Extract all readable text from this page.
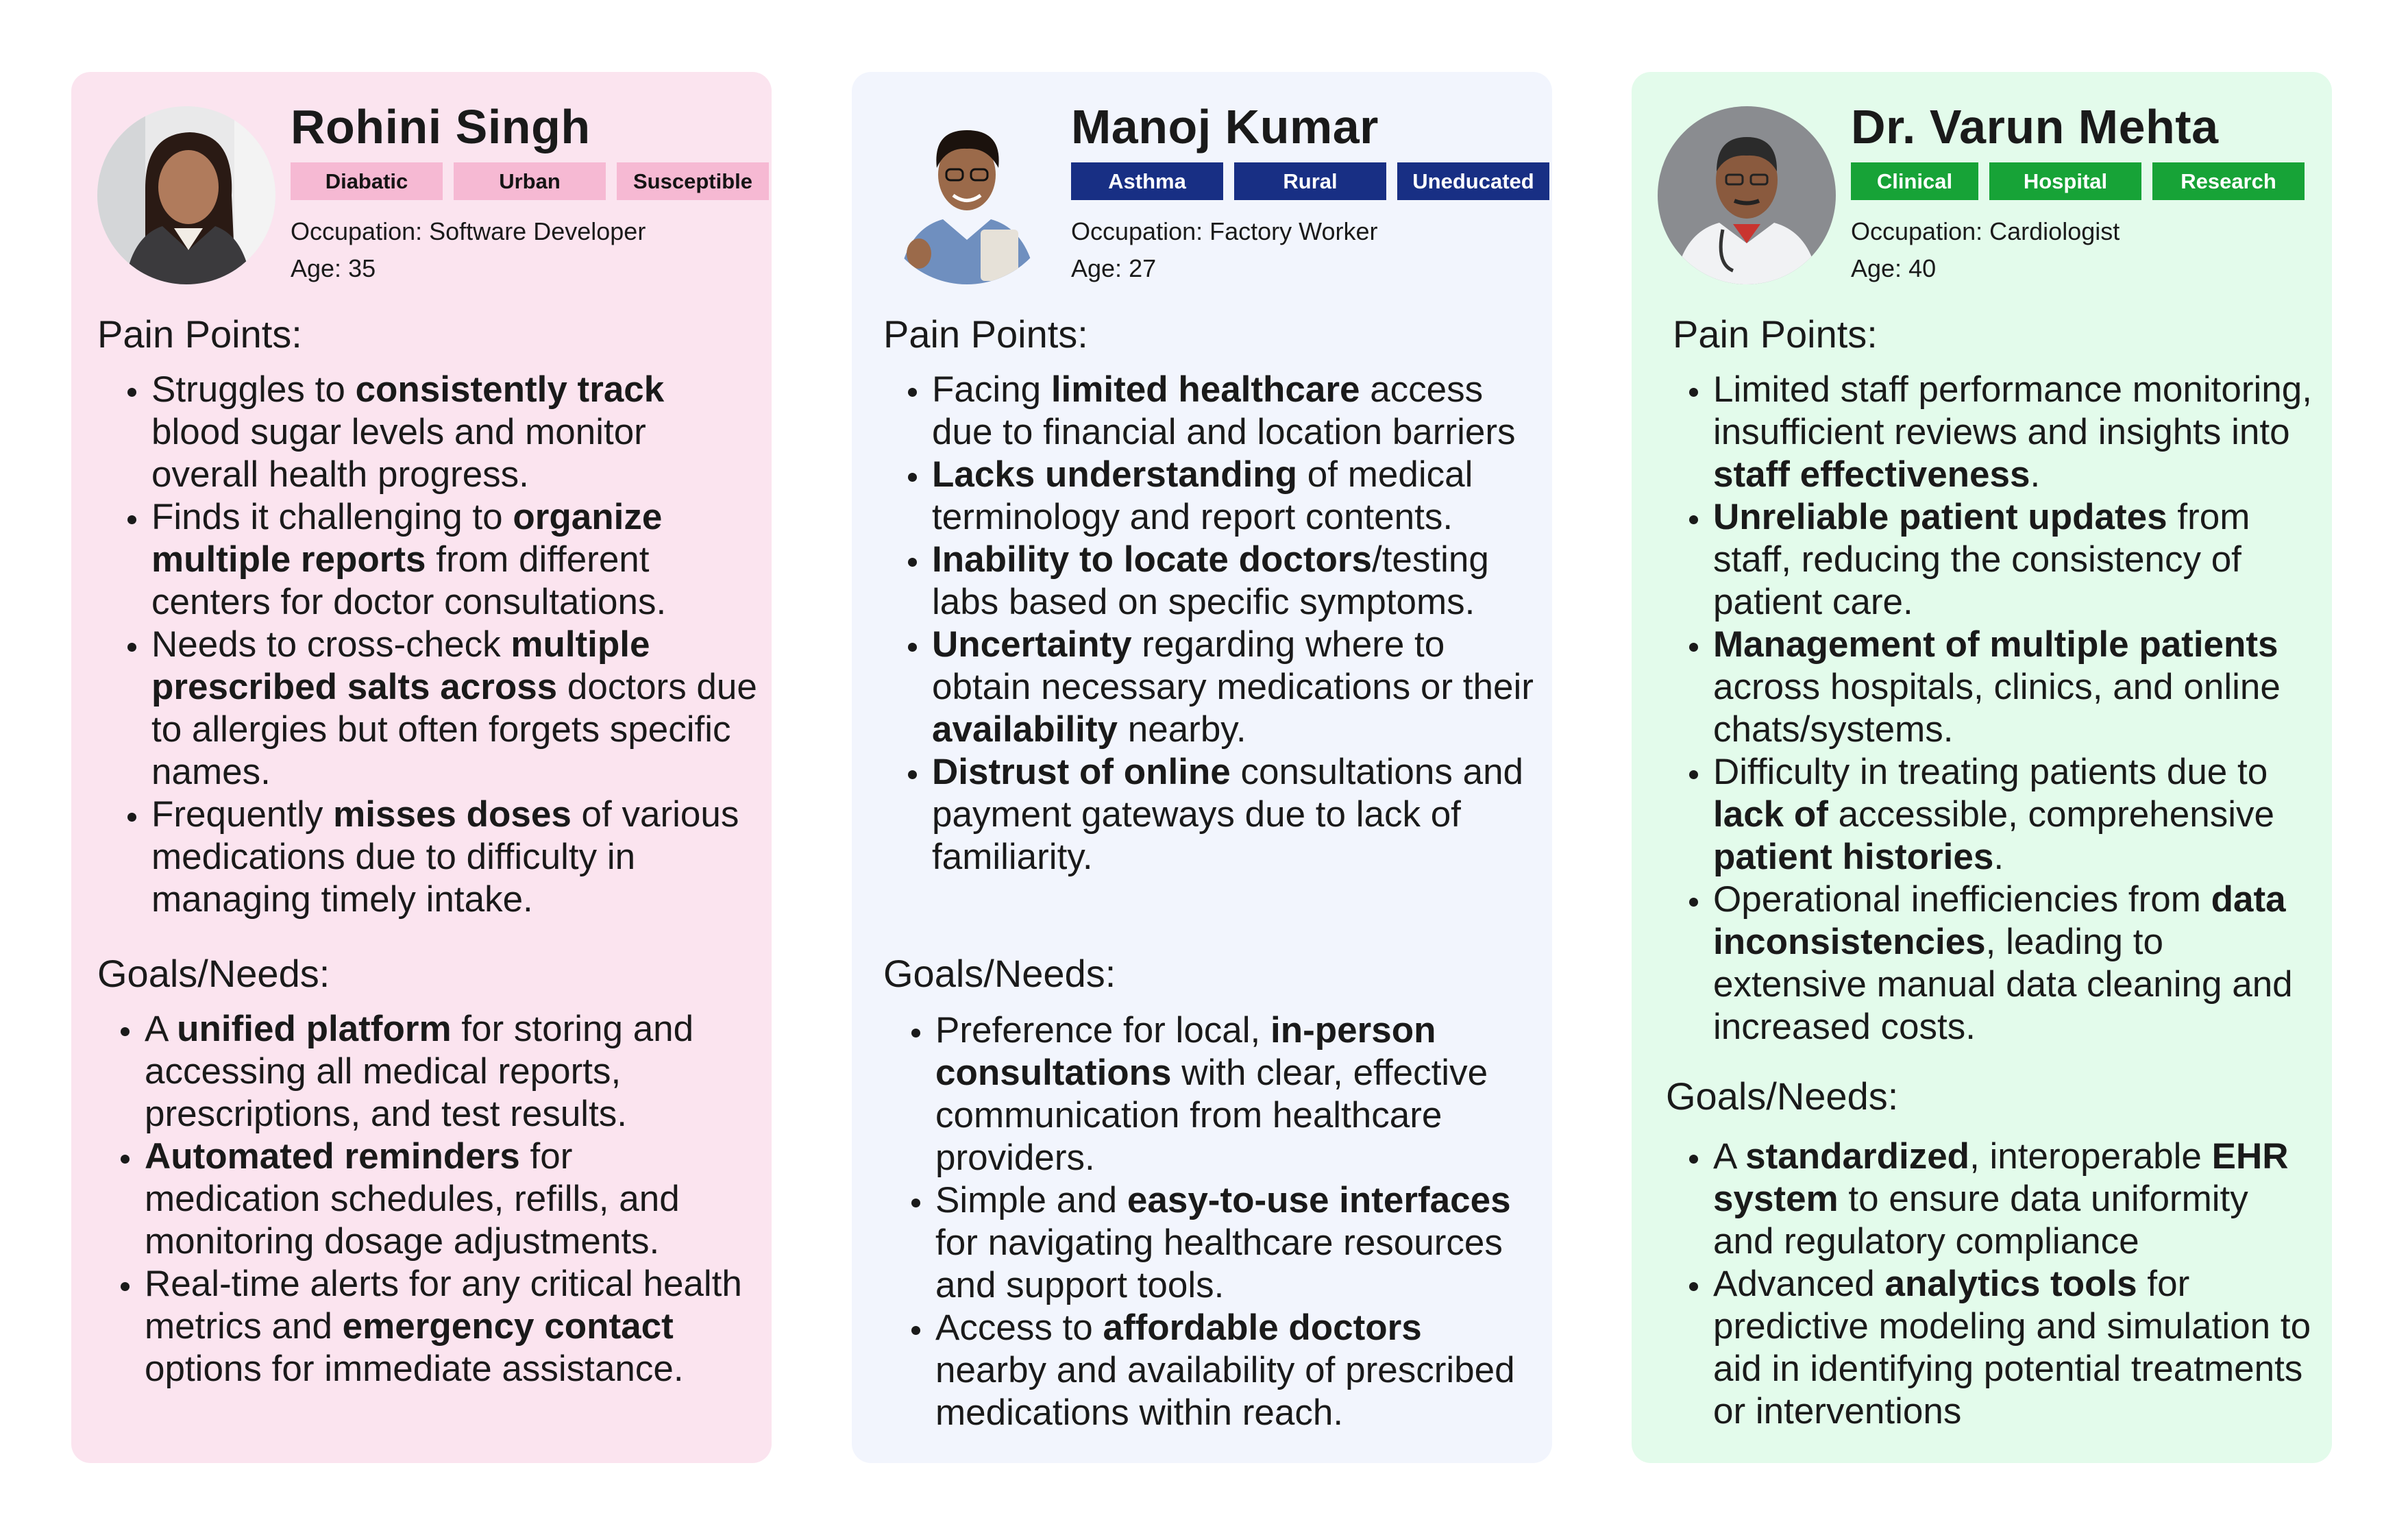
Rohini Singh
Diabatic	Urban	Susceptible
Occupation: Software Developer
Age: 35
Pain Points:
• Struggles to consistently track blood sugar levels and monitor overall health progress.
• Finds it challenging to organize multiple reports from different centers for doctor consultations.
• Needs to cross-check multiple prescribed salts across doctors due to allergies but often forgets specific names.
• Frequently misses doses of various medications due to difficulty in managing timely intake.
Goals/Needs:
• A unified platform for storing and accessing all medical reports, prescriptions, and test results.
• Automated reminders for medication schedules, refills, and monitoring dosage adjustments.
• Real-time alerts for any critical health metrics and emergency contact options for immediate assistance.
Manoj Kumar
Asthma	Rural	Uneducated
Occupation: Factory Worker
Age: 27
Pain Points:
• Facing limited healthcare access due to financial and location barriers
• Lacks understanding of medical terminology and report contents.
• Inability to locate doctors/testing labs based on specific symptoms.
• Uncertainty regarding where to obtain necessary medications or their availability nearby.
• Distrust of online consultations and payment gateways due to lack of familiarity.
Goals/Needs:
• Preference for local, in-person consultations with clear, effective communication from healthcare providers.
• Simple and easy-to-use interfaces for navigating healthcare resources and support tools.
• Access to affordable doctors nearby and availability of prescribed medications within reach.
Dr. Varun Mehta
Clinical	Hospital	Research
Occupation: Cardiologist
Age: 40
Pain Points:
• Limited staff performance monitoring, insufficient reviews and insights into staff effectiveness.
• Unreliable patient updates from staff, reducing the consistency of patient care.
• Management of multiple patients across hospitals, clinics, and online chats/systems.
• Difficulty in treating patients due to lack of accessible, comprehensive patient histories.
• Operational inefficiencies from data inconsistencies, leading to extensive manual data cleaning and increased costs.
Goals/Needs:
• A standardized, interoperable EHR system to ensure data uniformity and regulatory compliance
• Advanced analytics tools for predictive modeling and simulation to aid in identifying potential treatments or interventions
